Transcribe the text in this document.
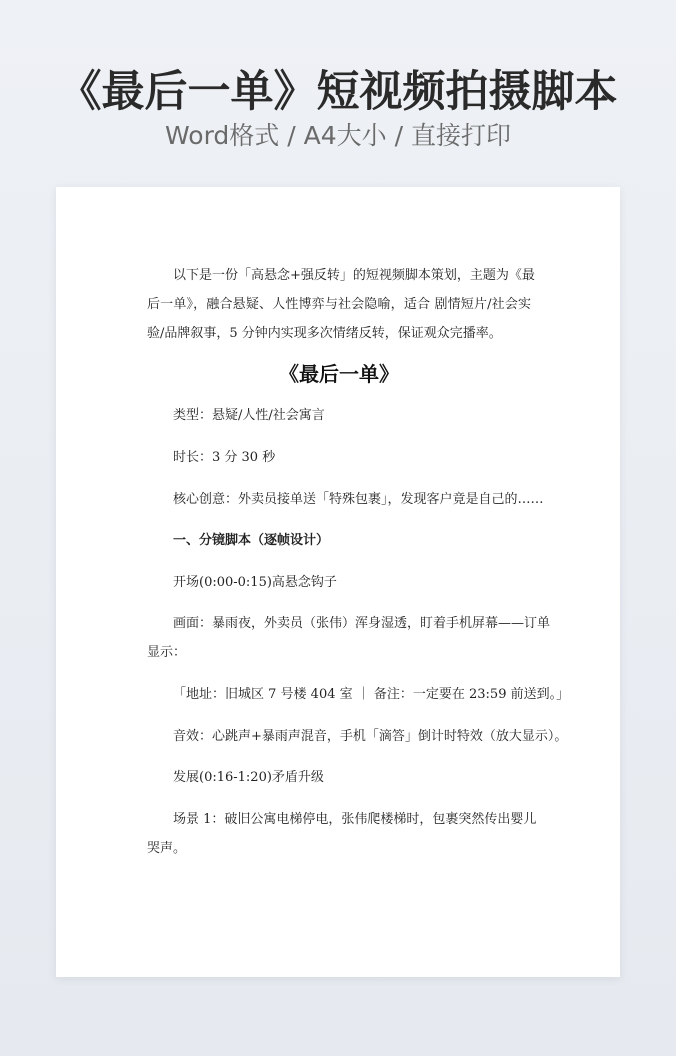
《最后一单》短视频拍摄脚本
Word格式 / A4大小 / 直接打印
以下是一份「高悬念+强反转」的短视频脚本策划，主题为《最
后一单》，融合悬疑、人性博弈与社会隐喻，适合 剧情短片/社会实
验/品牌叙事，5 分钟内实现多次情绪反转，保证观众完播率。
《最后一单》
类型：悬疑/人性/社会寓言
时长：3 分 30 秒
核心创意：外卖员接单送「特殊包裹」，发现客户竟是自己的……
一、分镜脚本（逐帧设计）
开场(0:00-0:15)高悬念钩子
画面：暴雨夜，外卖员（张伟）浑身湿透，盯着手机屏幕——订单
显示：
「地址：旧城区 7 号楼 404 室 ｜ 备注：一定要在 23:59 前送到。」
音效：心跳声+暴雨声混音，手机「滴答」倒计时特效（放大显示）。
发展(0:16-1:20)矛盾升级
场景 1：破旧公寓电梯停电，张伟爬楼梯时，包裹突然传出婴儿
哭声。
